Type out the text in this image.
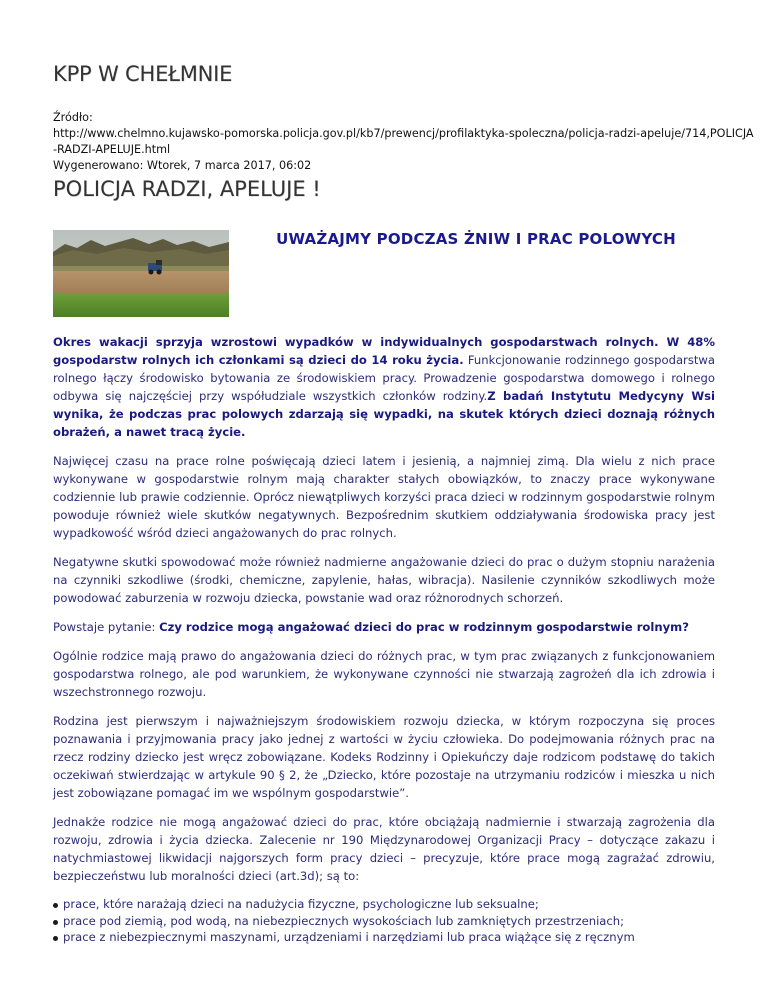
KPP W CHEŁMNIE
Źródło:
http://www.chelmno.kujawsko-pomorska.policja.gov.pl/kb7/prewencj/profilaktyka-spoleczna/policja-radzi-apeluje/714,POLICJA
-RADZI-APELUJE.html
Wygenerowano: Wtorek, 7 marca 2017, 06:02
POLICJA RADZI, APELUJE !
UWAŻAJMY PODCZAS ŻNIW I PRAC POLOWYCH

Okres wakacji sprzyja wzrostowi wypadków w indywidualnych gospodarstwach rolnych. W 48% gospodarstw rolnych ich członkami są dzieci do 14 roku życia. Funkcjonowanie rodzinnego gospodarstwa rolnego łączy środowisko bytowania ze środowiskiem pracy. Prowadzenie gospodarstwa domowego i rolnego odbywa się najczęściej przy współudziale wszystkich członków rodziny.Z badań Instytutu Medycyny Wsi wynika, że podczas prac polowych zdarzają się wypadki, na skutek których dzieci doznają różnych obrażeń, a nawet tracą życie.

Najwięcej czasu na prace rolne poświęcają dzieci latem i jesienią, a najmniej zimą. Dla wielu z nich prace wykonywane w gospodarstwie rolnym mają charakter stałych obowiązków, to znaczy prace wykonywane codziennie lub prawie codziennie. Oprócz niewątpliwych korzyści praca dzieci w rodzinnym gospodarstwie rolnym powoduje również wiele skutków negatywnych. Bezpośrednim skutkiem oddziaływania środowiska pracy jest wypadkowość wśród dzieci angażowanych do prac rolnych.

Negatywne skutki spowodować może również nadmierne angażowanie dzieci do prac o dużym stopniu narażenia na czynniki szkodliwe (środki, chemiczne, zapylenie, hałas, wibracja). Nasilenie czynników szkodliwych może powodować zaburzenia w rozwoju dziecka, powstanie wad oraz różnorodnych schorzeń.

Powstaje pytanie: Czy rodzice mogą angażować dzieci do prac w rodzinnym gospodarstwie rolnym?

Ogólnie rodzice mają prawo do angażowania dzieci do różnych prac, w tym prac związanych z funkcjonowaniem gospodarstwa rolnego, ale pod warunkiem, że wykonywane czynności nie stwarzają zagrożeń dla ich zdrowia i wszechstronnego rozwoju.

Rodzina jest pierwszym i najważniejszym środowiskiem rozwoju dziecka, w którym rozpoczyna się proces poznawania i przyjmowania pracy jako jednej z wartości w życiu człowieka. Do podejmowania różnych prac na rzecz rodziny dziecko jest wręcz zobowiązane. Kodeks Rodzinny i Opiekuńczy daje rodzicom podstawę do takich oczekiwań stwierdzając w artykule 90 § 2, że „Dziecko, które pozostaje na utrzymaniu rodziców i mieszka u nich jest zobowiązane pomagać im we wspólnym gospodarstwie”.

Jednakże rodzice nie mogą angażować dzieci do prac, które obciążają nadmiernie i stwarzają zagrożenia dla rozwoju, zdrowia i życia dziecka. Zalecenie nr 190 Międzynarodowej Organizacji Pracy – dotyczące zakazu i natychmiastowej likwidacji najgorszych form pracy dzieci – precyzuje, które prace mogą zagrażać zdrowiu, bezpieczeństwu lub moralności dzieci (art.3d); są to:

prace, które narażają dzieci na nadużycia fizyczne, psychologiczne lub seksualne;
prace pod ziemią, pod wodą, na niebezpiecznych wysokościach lub zamkniętych przestrzeniach;
prace z niebezpiecznymi maszynami, urządzeniami i narzędziami lub praca wiążące się z ręcznym
